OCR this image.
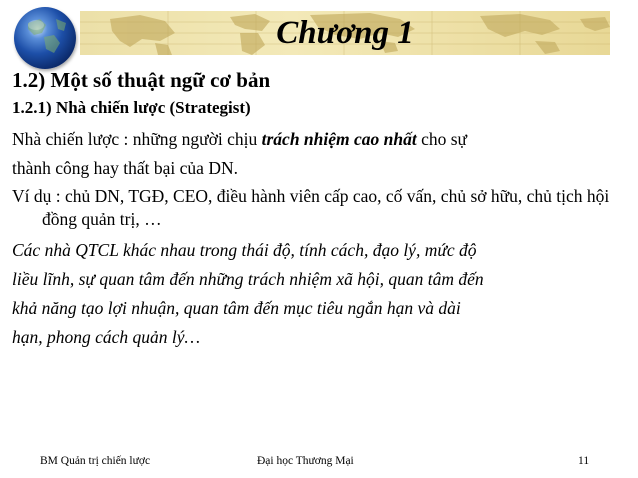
Chương 1

1.2) Một số thuật ngữ cơ bản

1.2.1) Nhà chiến lược (Strategist)

Nhà chiến lược : những người chịu trách nhiệm cao nhất cho sự

thành công hay thất bại của DN.

Ví dụ : chủ DN, TGĐ, CEO, điều hành viên cấp cao, cố vấn, chủ sở hữu, chủ tịch hội đồng quản trị, …

Các nhà QTCL khác nhau trong thái độ, tính cách, đạo lý, mức độ

liều lĩnh, sự quan tâm đến những trách nhiệm xã hội, quan tâm đến

khả năng tạo lợi nhuận, quan tâm đến mục tiêu ngắn hạn và dài

hạn, phong cách quản lý…

BM Quản trị chiến lược	Đại học Thương Mại	11
